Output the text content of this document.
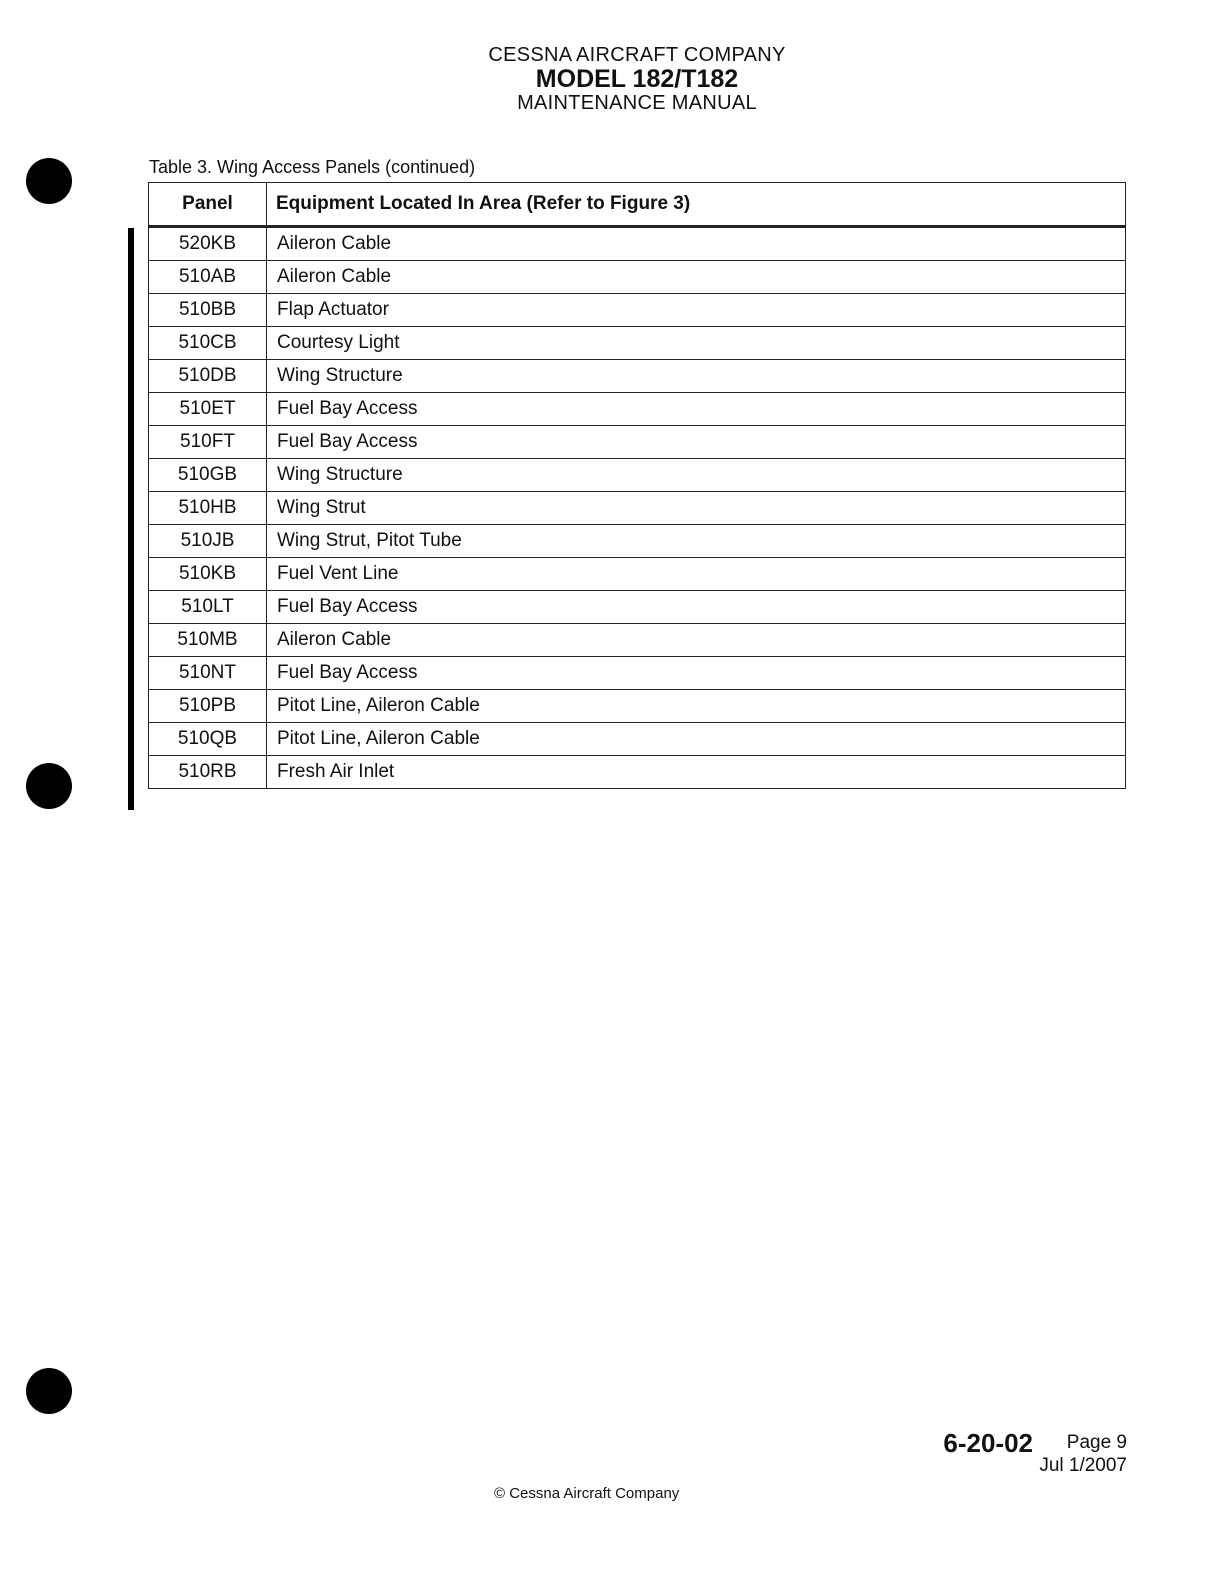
CESSNA AIRCRAFT COMPANY
MODEL 182/T182
MAINTENANCE MANUAL
Table 3. Wing Access Panels (continued)
Panel	Equipment Located In Area (Refer to Figure 3)
520KB	Aileron Cable
510AB	Aileron Cable
510BB	Flap Actuator
510CB	Courtesy Light
510DB	Wing Structure
510ET	Fuel Bay Access
510FT	Fuel Bay Access
510GB	Wing Structure
510HB	Wing Strut
510JB	Wing Strut, Pitot Tube
510KB	Fuel Vent Line
510LT	Fuel Bay Access
510MB	Aileron Cable
510NT	Fuel Bay Access
510PB	Pitot Line, Aileron Cable
510QB	Pitot Line, Aileron Cable
510RB	Fresh Air Inlet
6-20-02 Page 9
Jul 1/2007
© Cessna Aircraft Company
